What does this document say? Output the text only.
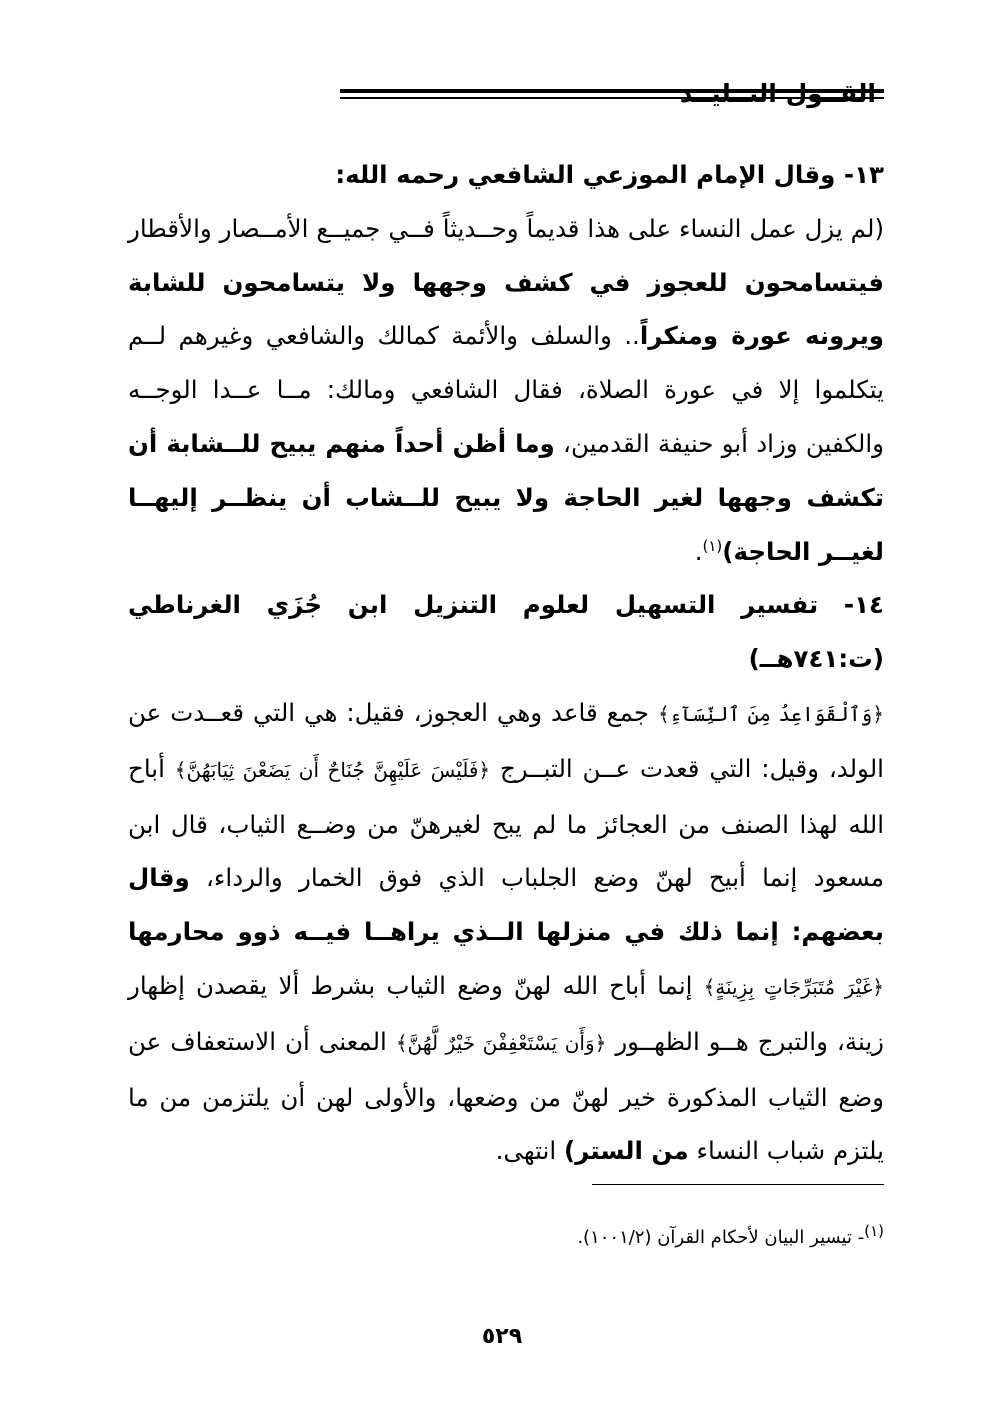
القــول التــليــد

١٣- وقال الإمام الموزعي الشافعي رحمه الله:

(لم يزل عمل النساء على هذا قديماً وحــديثاً فــي جميــع الأمــصار والأقطار فيتسامحون للعجوز في كشف وجهها ولا يتسامحون للشابة ويرونه عورة ومنكراً.. والسلف والأئمة كمالك والشافعي وغيرهم لــم يتكلموا إلا في عورة الصلاة، فقال الشافعي ومالك: مــا عــدا الوجــه والكفين وزاد أبو حنيفة القدمين، وما أظن أحداً منهم يبيح للــشابة أن تكشف وجهها لغير الحاجة ولا يبيح للــشاب أن ينظــر إليهــا لغيــر الحاجة)$^{(١)}$.

١٤- تفسير التسهيل لعلوم التنزيل ابن جُزَي الغرناطي (ت:٧٤١هــ)

﴿وَٱلْقَوَاعِدُ مِنَ ٱلنِّسَآءِ﴾ جمع قاعد وهي العجوز، فقيل: هي التي قعــدت عن الولد، وقيل: التي قعدت عــن التبــرج ﴿فَلَيْسَ عَلَيْهِنَّ جُنَاحٌ أَن يَضَعْنَ ثِيَابَهُنَّ﴾ أباح الله لهذا الصنف من العجائز ما لم يبح لغيرهنّ من وضــع الثياب، قال ابن مسعود إنما أبيح لهنّ وضع الجلباب الذي فوق الخمار والرداء، وقال بعضهم: إنما ذلك في منزلها الــذي يراهــا فيــه ذوو محارمها ﴿غَيْرَ مُتَبَرِّجَاتٍ بِزِينَةٍ﴾ إنما أباح الله لهنّ وضع الثياب بشرط ألا يقصدن إظهار زينة، والتبرج هــو الظهــور ﴿وَأَن يَسْتَعْفِفْنَ خَيْرٌ لَّهُنَّ﴾ المعنى أن الاستعفاف عن وضع الثياب المذكورة خير لهنّ من وضعها، والأولى لهن أن يلتزمن من ما يلتزم شباب النساء من الستر) انتهى.

$^{(١)}$- تيسير البيان لأحكام القرآن (١٠٠١/٢).
٥٢٩
